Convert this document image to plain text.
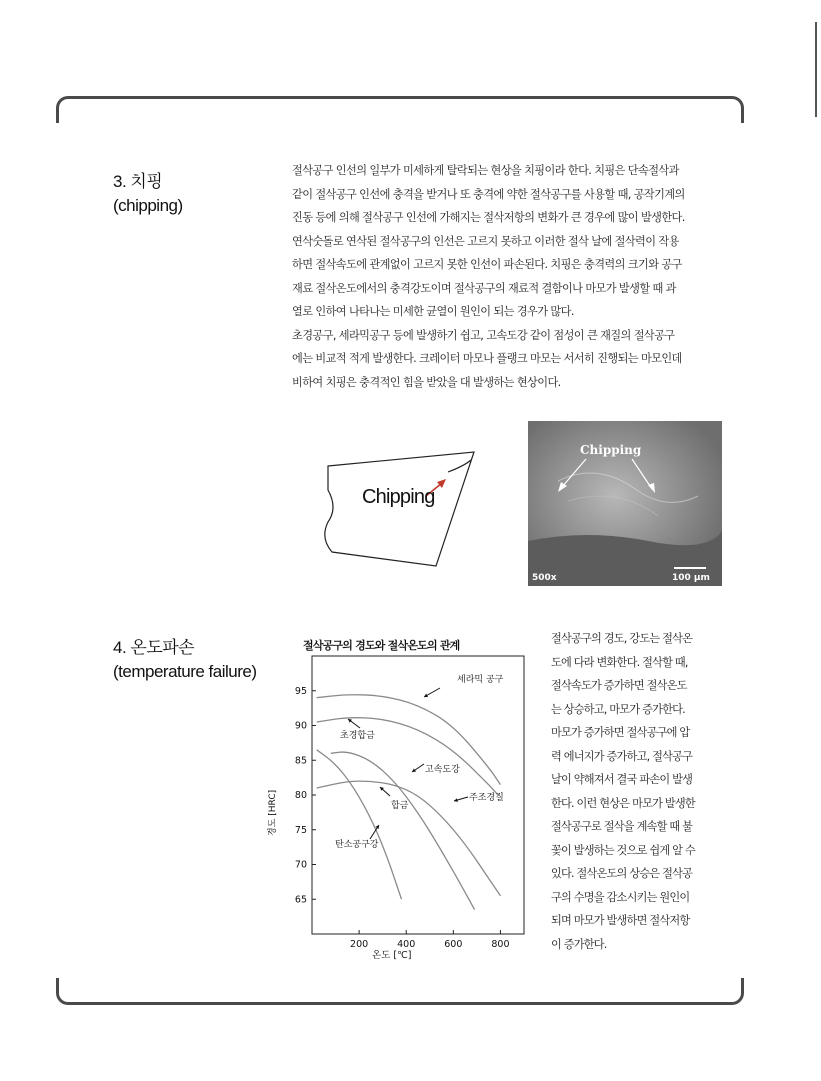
3. 치핑
(chipping)

절삭공구 인선의 일부가 미세하게 탈락되는 현상을 치핑이라 한다. 치핑은 단속절삭과

같이 절삭공구 인선에 충격을 받거나 또 충격에 약한 절삭공구를 사용할 때, 공작기계의

진동 등에 의해 절삭공구 인선에 가해지는 절삭저항의 변화가 큰 경우에 많이 발생한다.

연삭숫돌로 연삭된 절삭공구의 인선은 고르지 못하고 이러한 절삭 날에 절삭력이 작용

하면 절삭속도에 관계없이 고르지 못한 인선이 파손된다. 치핑은 충격력의 크기와 공구

재료 절삭온도에서의 충격강도이며 절삭공구의 재료적 결함이나 마모가 발생할 때 과

열로 인하여 나타나는 미세한 균열이 원인이 되는 경우가 많다.

초경공구, 세라믹공구 등에 발생하기 쉽고, 고속도강 같이 점성이 큰 재질의 절삭공구

에는 비교적 적게 발생한다. 크레이터 마모나 플랭크 마모는 서서히 진행되는 마모인데

비하여 치핑은 충격적인 힘을 받았을 대 발생하는 현상이다.

Chipping
Chipping
500x	100 μm
4. 온도파손
(temperature failure)

절삭공구의 경도, 강도는 절삭온

도에 다라 변화한다. 절삭할 때,

절삭속도가 증가하면 절삭온도

는 상승하고, 마모가 증가한다.

마모가 증가하면 절삭공구에 압

력 에너지가 증가하고, 절삭공구

날이 약해져서 결국 파손이 발생

한다. 이런 현상은 마모가 발생한

절삭공구로 절삭을 계속할 때 불

꽃이 발생하는 것으로 쉽게 알 수

있다. 절삭온도의 상승은 절삭공

구의 수명을 감소시키는 원인이

되며 마모가 발생하면 절삭저항

이 증가한다.

절삭공구의 경도와 절삭온도의 관계
200	400	600	800
65
70
75
80
85
90
95
세라믹 공구
초경합금
고속도강
합금
주조경질
탄소공구강
온도 [℃]
경도 [HRC]
